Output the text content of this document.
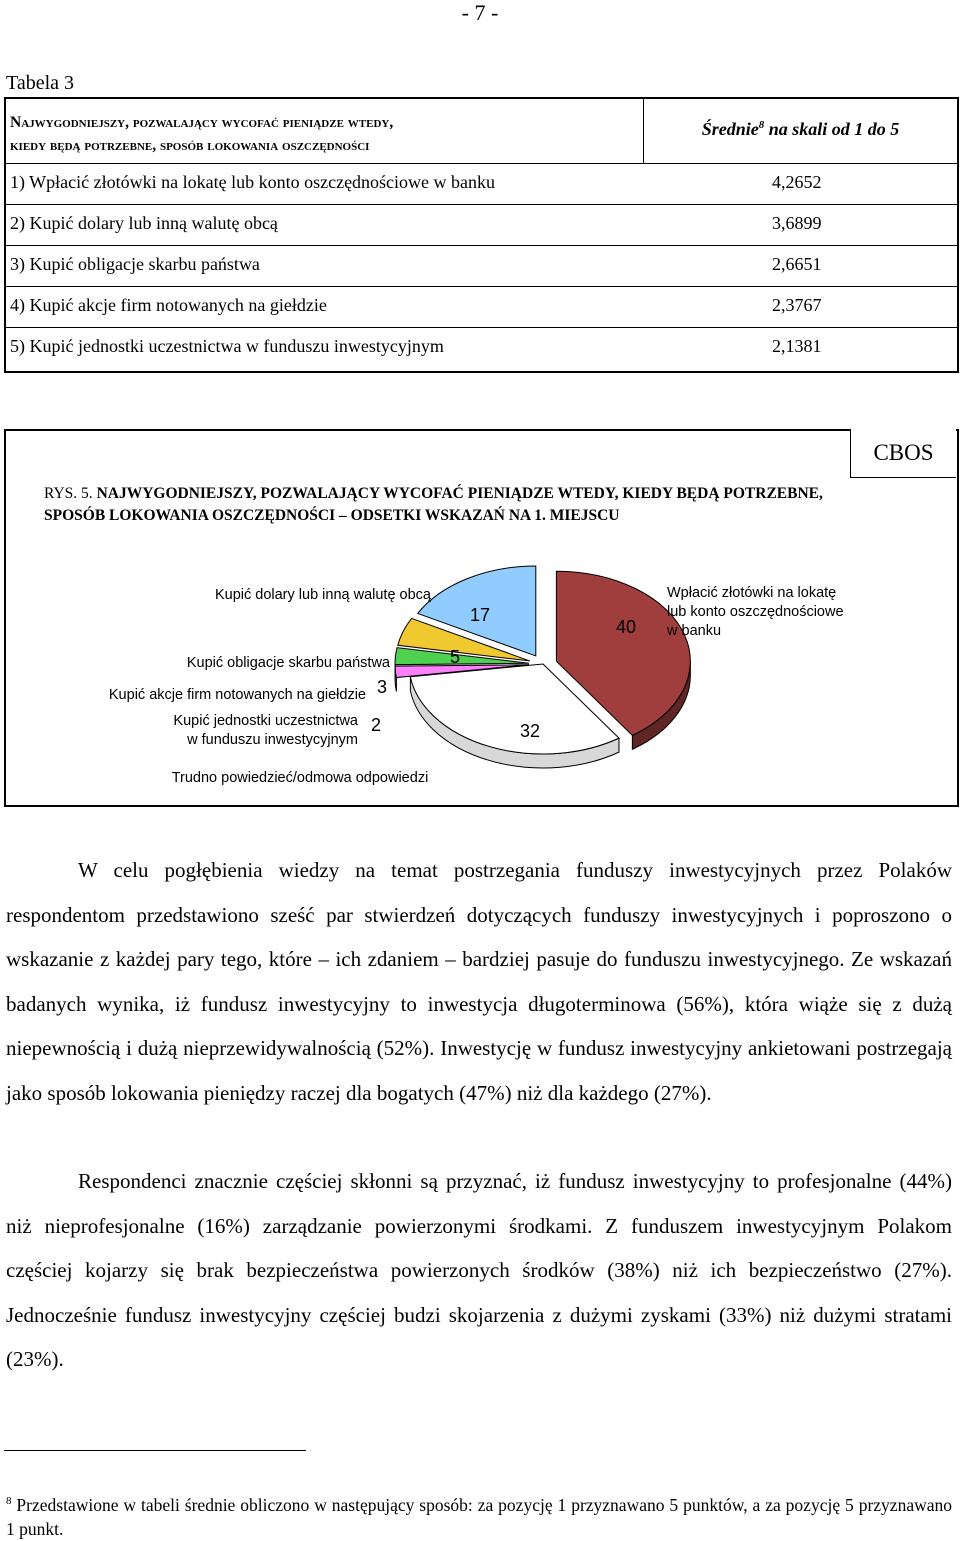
- 7 -
Tabela 3
Najwygodniejszy, pozwalający wycofać pieniądze wtedy,
kiedy będą potrzebne, sposób lokowania oszczędności
Średnie$^8$ na skali od 1 do 5
1) Wpłacić złotówki na lokatę lub konto oszczędnościowe w banku	4,2652
2) Kupić dolary lub inną walutę obcą	3,6899
3) Kupić obligacje skarbu państwa	2,6651
4) Kupić akcje firm notowanych na giełdzie	2,3767
5) Kupić jednostki uczestnictwa w funduszu inwestycyjnym	2,1381
CBOS
RYS. 5. NAJWYGODNIEJSZY, POZWALAJĄCY WYCOFAĆ PIENIĄDZE WTEDY, KIEDY BĘDĄ POTRZEBNE, SPOSÓB LOKOWANIA OSZCZĘDNOŚCI – ODSETKI WSKAZAŃ NA 1. MIEJSCU
40
32
2
3
5
17
Wpłacić złotówki na lokatę
lub konto oszczędnościowe
w banku
Kupić dolary lub inną walutę obcą
Kupić obligacje skarbu państwa
Kupić akcje firm notowanych na giełdzie
Kupić jednostki uczestnictwa
w funduszu inwestycyjnym
Trudno powiedzieć/odmowa odpowiedzi
W celu pogłębienia wiedzy na temat postrzegania funduszy inwestycyjnych przez Polaków respondentom przedstawiono sześć par stwierdzeń dotyczących funduszy inwestycyjnych i poproszono o wskazanie z każdej pary tego, które – ich zdaniem – bardziej pasuje do funduszu inwestycyjnego. Ze wskazań badanych wynika, iż fundusz inwestycyjny to inwestycja długoterminowa (56%), która wiąże się z dużą niepewnością i dużą nieprzewidywalnością (52%). Inwestycję w fundusz inwestycyjny ankietowani postrzegają jako sposób lokowania pieniędzy raczej dla bogatych (47%) niż dla każdego (27%).
Respondenci znacznie częściej skłonni są przyznać, iż fundusz inwestycyjny to profesjonalne (44%) niż nieprofesjonalne (16%) zarządzanie powierzonymi środkami. Z funduszem inwestycyjnym Polakom częściej kojarzy się brak bezpieczeństwa powierzonych środków (38%) niż ich bezpieczeństwo (27%). Jednocześnie fundusz inwestycyjny częściej budzi skojarzenia z dużymi zyskami (33%) niż dużymi stratami (23%).
$^8$ Przedstawione w tabeli średnie obliczono w następujący sposób: za pozycję 1 przyznawano 5 punktów, a za pozycję 5 przyznawano 1 punkt.
